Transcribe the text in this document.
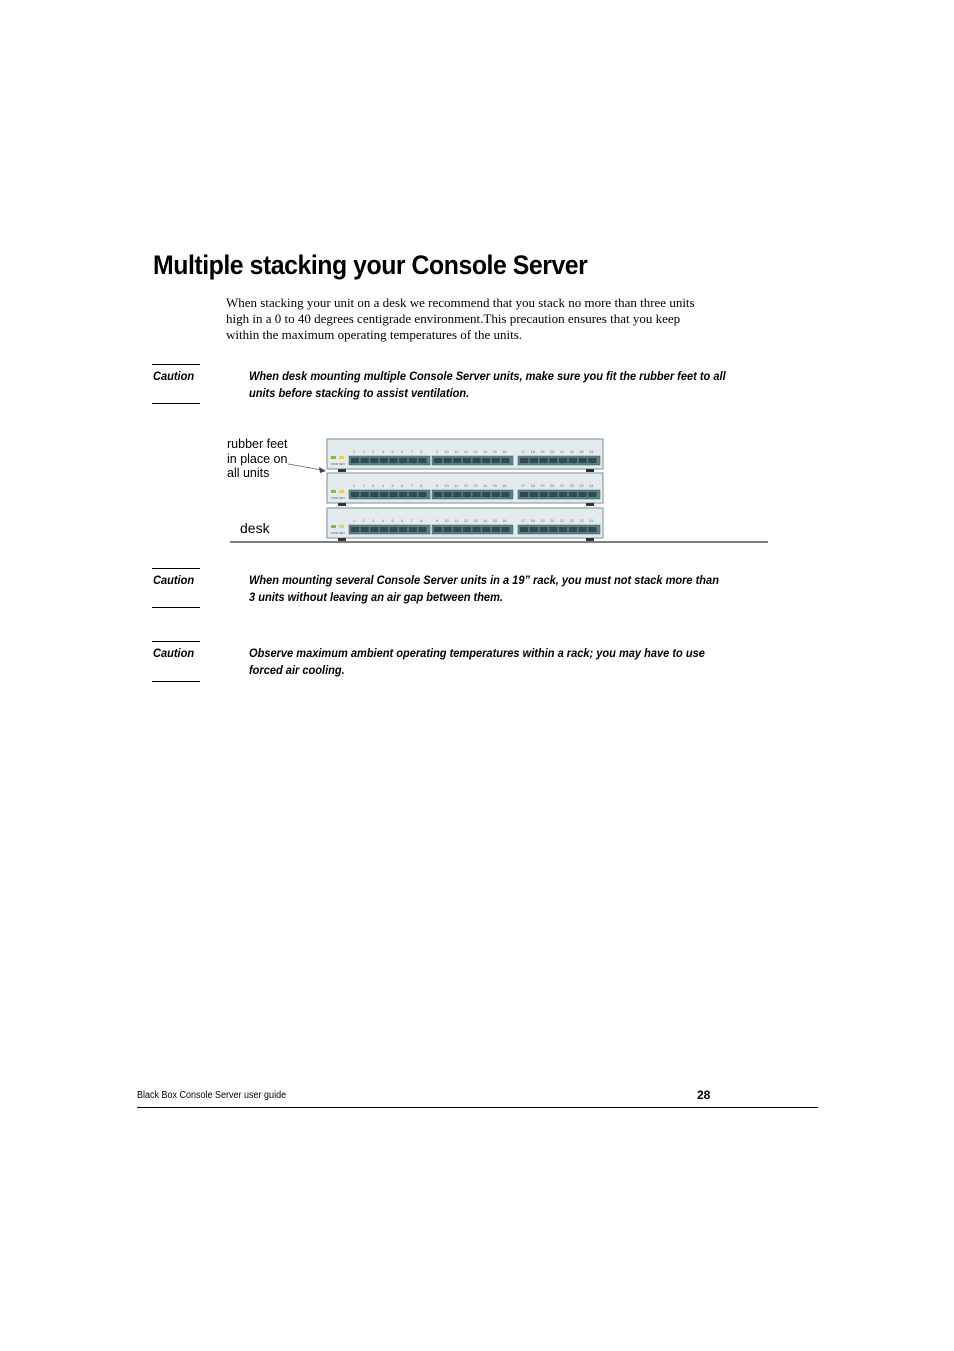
Multiple stacking your Console Server

When stacking your unit on a desk we recommend that you stack no more than three units high in a 0 to 40 degrees centigrade environment.This precaution ensures that you keep within the maximum operating temperatures of the units.

Caution	When desk mounting multiple Console Server units, make sure you fit the rubber feet to all units before stacking to assist ventilation.

rubber feet
in place on
all units
desk
PWR NET
1 2 3 4 5 6 7 8	9 10 11 12 13 14 15 16	17 18 19 20 21 22 23 24
PWR NET
1 2 3 4 5 6 7 8	9 10 11 12 13 14 15 16	17 18 19 20 21 22 23 24
PWR NET
1 2 3 4 5 6 7 8	9 10 11 12 13 14 15 16	17 18 19 20 21 22 23 24
Caution	When mounting several Console Server units in a 19” rack, you must not stack more than 3 units without leaving an air gap between them.

Caution	Observe maximum ambient operating temperatures within a rack; you may have to use forced air cooling.

Black Box Console Server user guide	28
